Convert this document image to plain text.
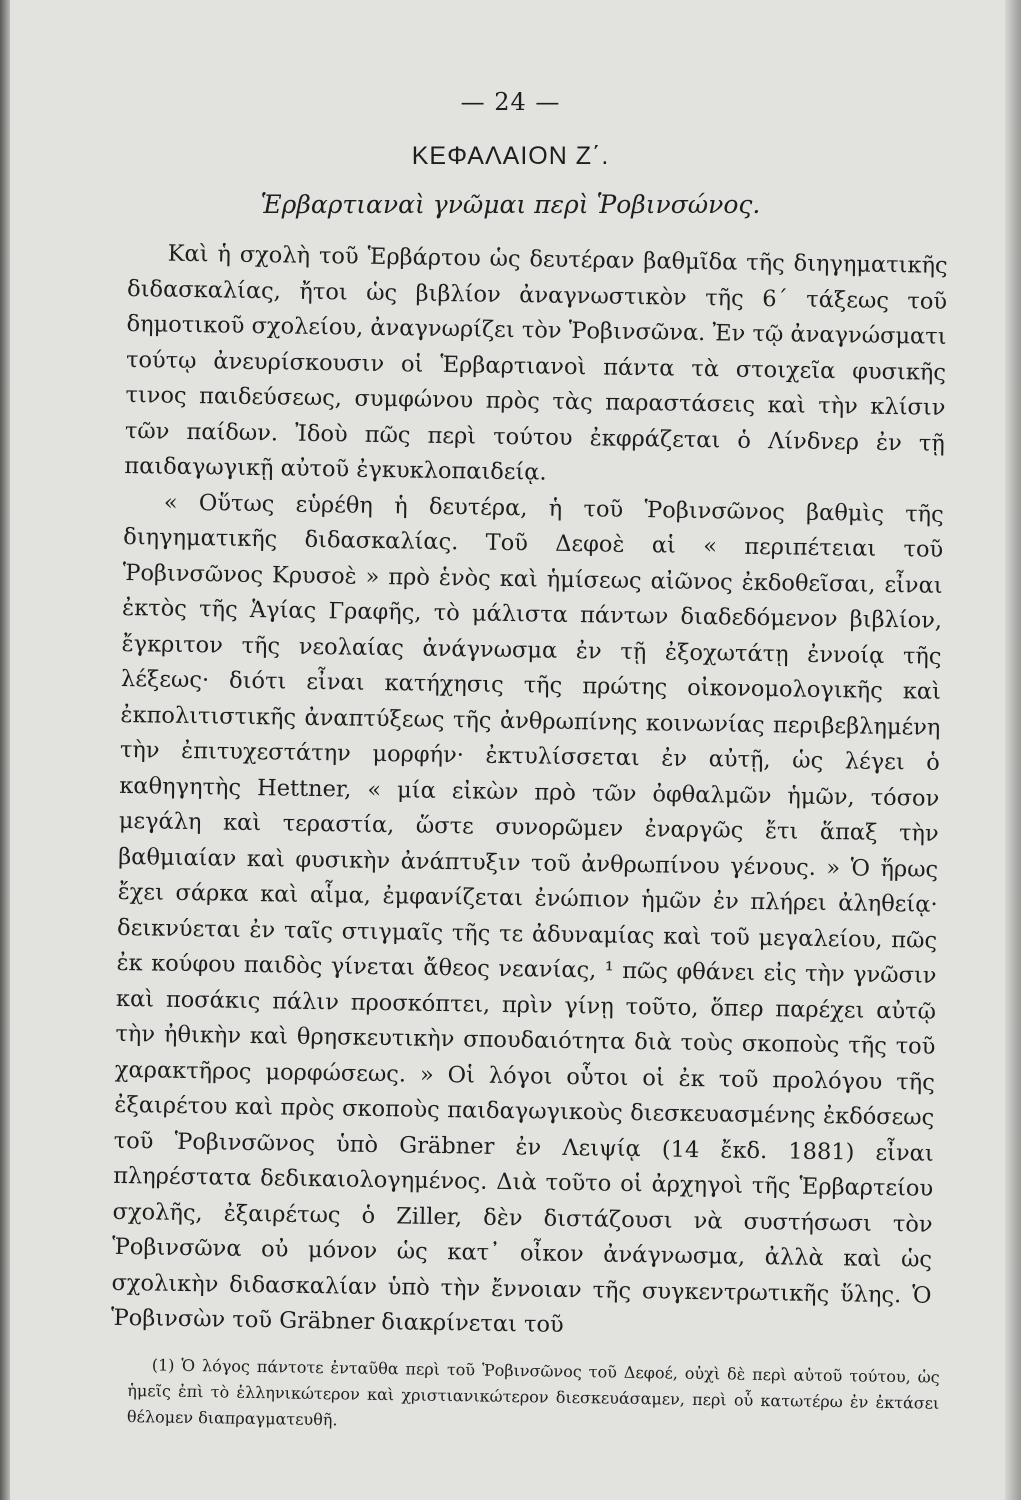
— 24 —
ΚΕΦΑΛΑΙΟΝ Ζ΄.
Ἑρβαρτιαναὶ γνῶμαι περὶ Ῥοβινσώνος.

Καὶ ἡ σχολὴ τοῦ Ἑρβάρτου ὡς δευτέραν βαθμῖδα τῆς διηγηματικῆς διδασκαλίας, ἤτοι ὡς βιβλίον ἀναγνωστικὸν τῆς 6΄ τάξεως τοῦ δημοτικοῦ σχολείου, ἀναγνωρίζει τὸν Ῥοβινσῶνα. Ἐν τῷ ἀναγνώσματι τούτῳ ἀνευρίσκουσιν οἱ Ἑρβαρτιανοὶ πάντα τὰ στοιχεῖα φυσικῆς τινος παιδεύσεως, συμφώνου πρὸς τὰς παραστάσεις καὶ τὴν κλίσιν τῶν παίδων. Ἰδοὺ πῶς περὶ τούτου ἐκφράζεται ὁ Λίνδνερ ἐν τῇ παιδαγωγικῇ αὐτοῦ ἐγκυκλοπαιδείᾳ.

« Οὕτως εὑρέθη ἡ δευτέρα, ἡ τοῦ Ῥοβινσῶνος βαθμὶς τῆς διηγηματικῆς διδασκαλίας. Τοῦ Δεφοὲ αἱ « περιπέτειαι τοῦ Ῥοβινσῶνος Κρυσοὲ » πρὸ ἑνὸς καὶ ἡμίσεως αἰῶνος ἐκδοθεῖσαι, εἶναι ἐκτὸς τῆς Ἁγίας Γραφῆς, τὸ μάλιστα πάντων διαδεδόμενον βιβλίον, ἔγκριτον τῆς νεολαίας ἀνάγνωσμα ἐν τῇ ἐξοχωτάτῃ ἐννοίᾳ τῆς λέξεως· διότι εἶναι κατήχησις τῆς πρώτης οἰκονομολογικῆς καὶ ἐκπολιτιστικῆς ἀναπτύξεως τῆς ἀνθρωπίνης κοινωνίας περιβεβλημένη τὴν ἐπιτυχεστάτην μορφήν· ἐκτυλίσσεται ἐν αὐτῇ, ὡς λέγει ὁ καθηγητὴς Hettner, « μία εἰκὼν πρὸ τῶν ὀφθαλμῶν ἡμῶν, τόσον μεγάλη καὶ τεραστία, ὥστε συνορῶμεν ἐναργῶς ἔτι ἅπαξ τὴν βαθμιαίαν καὶ φυσικὴν ἀνάπτυξιν τοῦ ἀνθρωπίνου γένους. » Ὁ ἥρως ἔχει σάρκα καὶ αἷμα, ἐμφανίζεται ἐνώπιον ἡμῶν ἐν πλήρει ἀληθείᾳ· δεικνύεται ἐν ταῖς στιγμαῖς τῆς τε ἀδυναμίας καὶ τοῦ μεγαλείου, πῶς ἐκ κούφου παιδὸς γίνεται ἄθεος νεανίας, ¹ πῶς φθάνει εἰς τὴν γνῶσιν καὶ ποσάκις πάλιν προσκόπτει, πρὶν γίνῃ τοῦτο, ὅπερ παρέχει αὐτῷ τὴν ἠθικὴν καὶ θρησκευτικὴν σπουδαιότητα διὰ τοὺς σκοποὺς τῆς τοῦ χαρακτῆρος μορφώσεως. » Οἱ λόγοι οὗτοι οἱ ἐκ τοῦ προλόγου τῆς ἐξαιρέτου καὶ πρὸς σκοποὺς παιδαγωγικοὺς διεσκευασμένης ἐκδόσεως τοῦ Ῥοβινσῶνος ὑπὸ Gräbner ἐν Λειψίᾳ (14 ἔκδ. 1881) εἶναι πληρέστατα δεδικαιολογημένος. Διὰ τοῦτο οἱ ἀρχηγοὶ τῆς Ἑρβαρτείου σχολῆς, ἐξαιρέτως ὁ Ziller, δὲν διστάζουσι νὰ συστήσωσι τὸν Ῥοβινσῶνα οὐ μόνον ὡς κατ᾽ οἶκον ἀνάγνωσμα, ἀλλὰ καὶ ὡς σχολικὴν διδασκαλίαν ὑπὸ τὴν ἔννοιαν τῆς συγκεντρωτικῆς ὕλης. Ὁ Ῥοβινσὼν τοῦ Gräbner διακρίνεται τοῦ

(1) Ὁ λόγος πάντοτε ἐνταῦθα περὶ τοῦ Ῥοβινσῶνος τοῦ Δεφοέ, οὐχὶ δὲ περὶ αὐτοῦ τούτου, ὡς ἡμεῖς ἐπὶ τὸ ἑλληνικώτερον καὶ χριστιανικώτερον διεσκευάσαμεν, περὶ οὗ κατωτέρω ἐν ἐκτάσει θέλομεν διαπραγματευθῆ.
